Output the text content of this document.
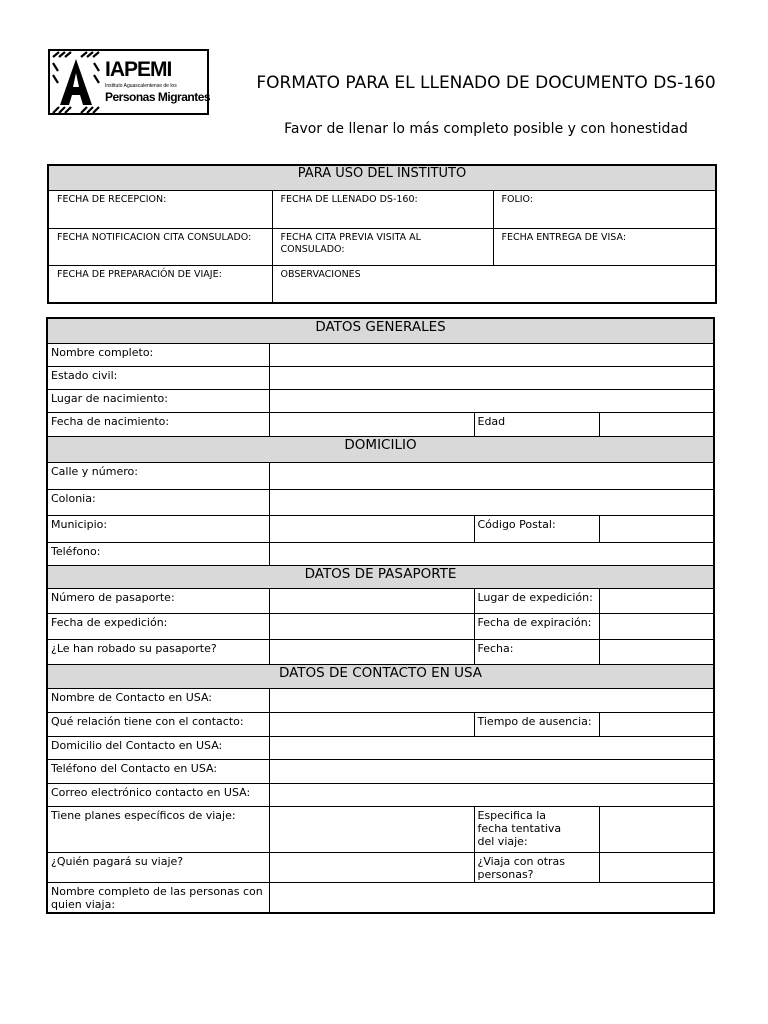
IAPEMI
Instituto Aguascalentense de los
Personas Migrantes
FORMATO PARA EL LLENADO DE DOCUMENTO DS-160
Favor de llenar lo más completo posible y con honestidad
PARA USO DEL INSTITUTO		
FECHA DE RECEPCION:	FECHA DE LLENADO DS-160:	FOLIO:
FECHA NOTIFICACION CITA CONSULADO:	FECHA CITA PREVIA VISITA AL CONSULADO:	FECHA ENTREGA DE VISA:
FECHA DE PREPARACIÓN DE VIAJE:	OBSERVACIONES	
DATOS GENERALES			
Nombre completo:			
Estado civil:			
Lugar de nacimiento:			
Fecha de nacimiento:		Edad	
DOMICILIO			
Calle y número:			
Colonia:			
Municipio:		Código Postal:	
Teléfono:			
DATOS DE PASAPORTE			
Número de pasaporte:		Lugar de expedición:	
Fecha de expedición:		Fecha de expiración:	
¿Le han robado su pasaporte?		Fecha:	
DATOS DE CONTACTO EN USA			
Nombre de Contacto en USA:			
Qué relación tiene con el contacto:		Tiempo de ausencia:	
Domicilio del Contacto en USA:			
Teléfono del Contacto en USA:			
Correo electrónico contacto en USA:			
Tiene planes específicos de viaje:		Especifica la fecha tentativa del viaje:	
¿Quién pagará su viaje?		¿Viaja con otras personas?	
Nombre completo de las personas con quien viaja:			
